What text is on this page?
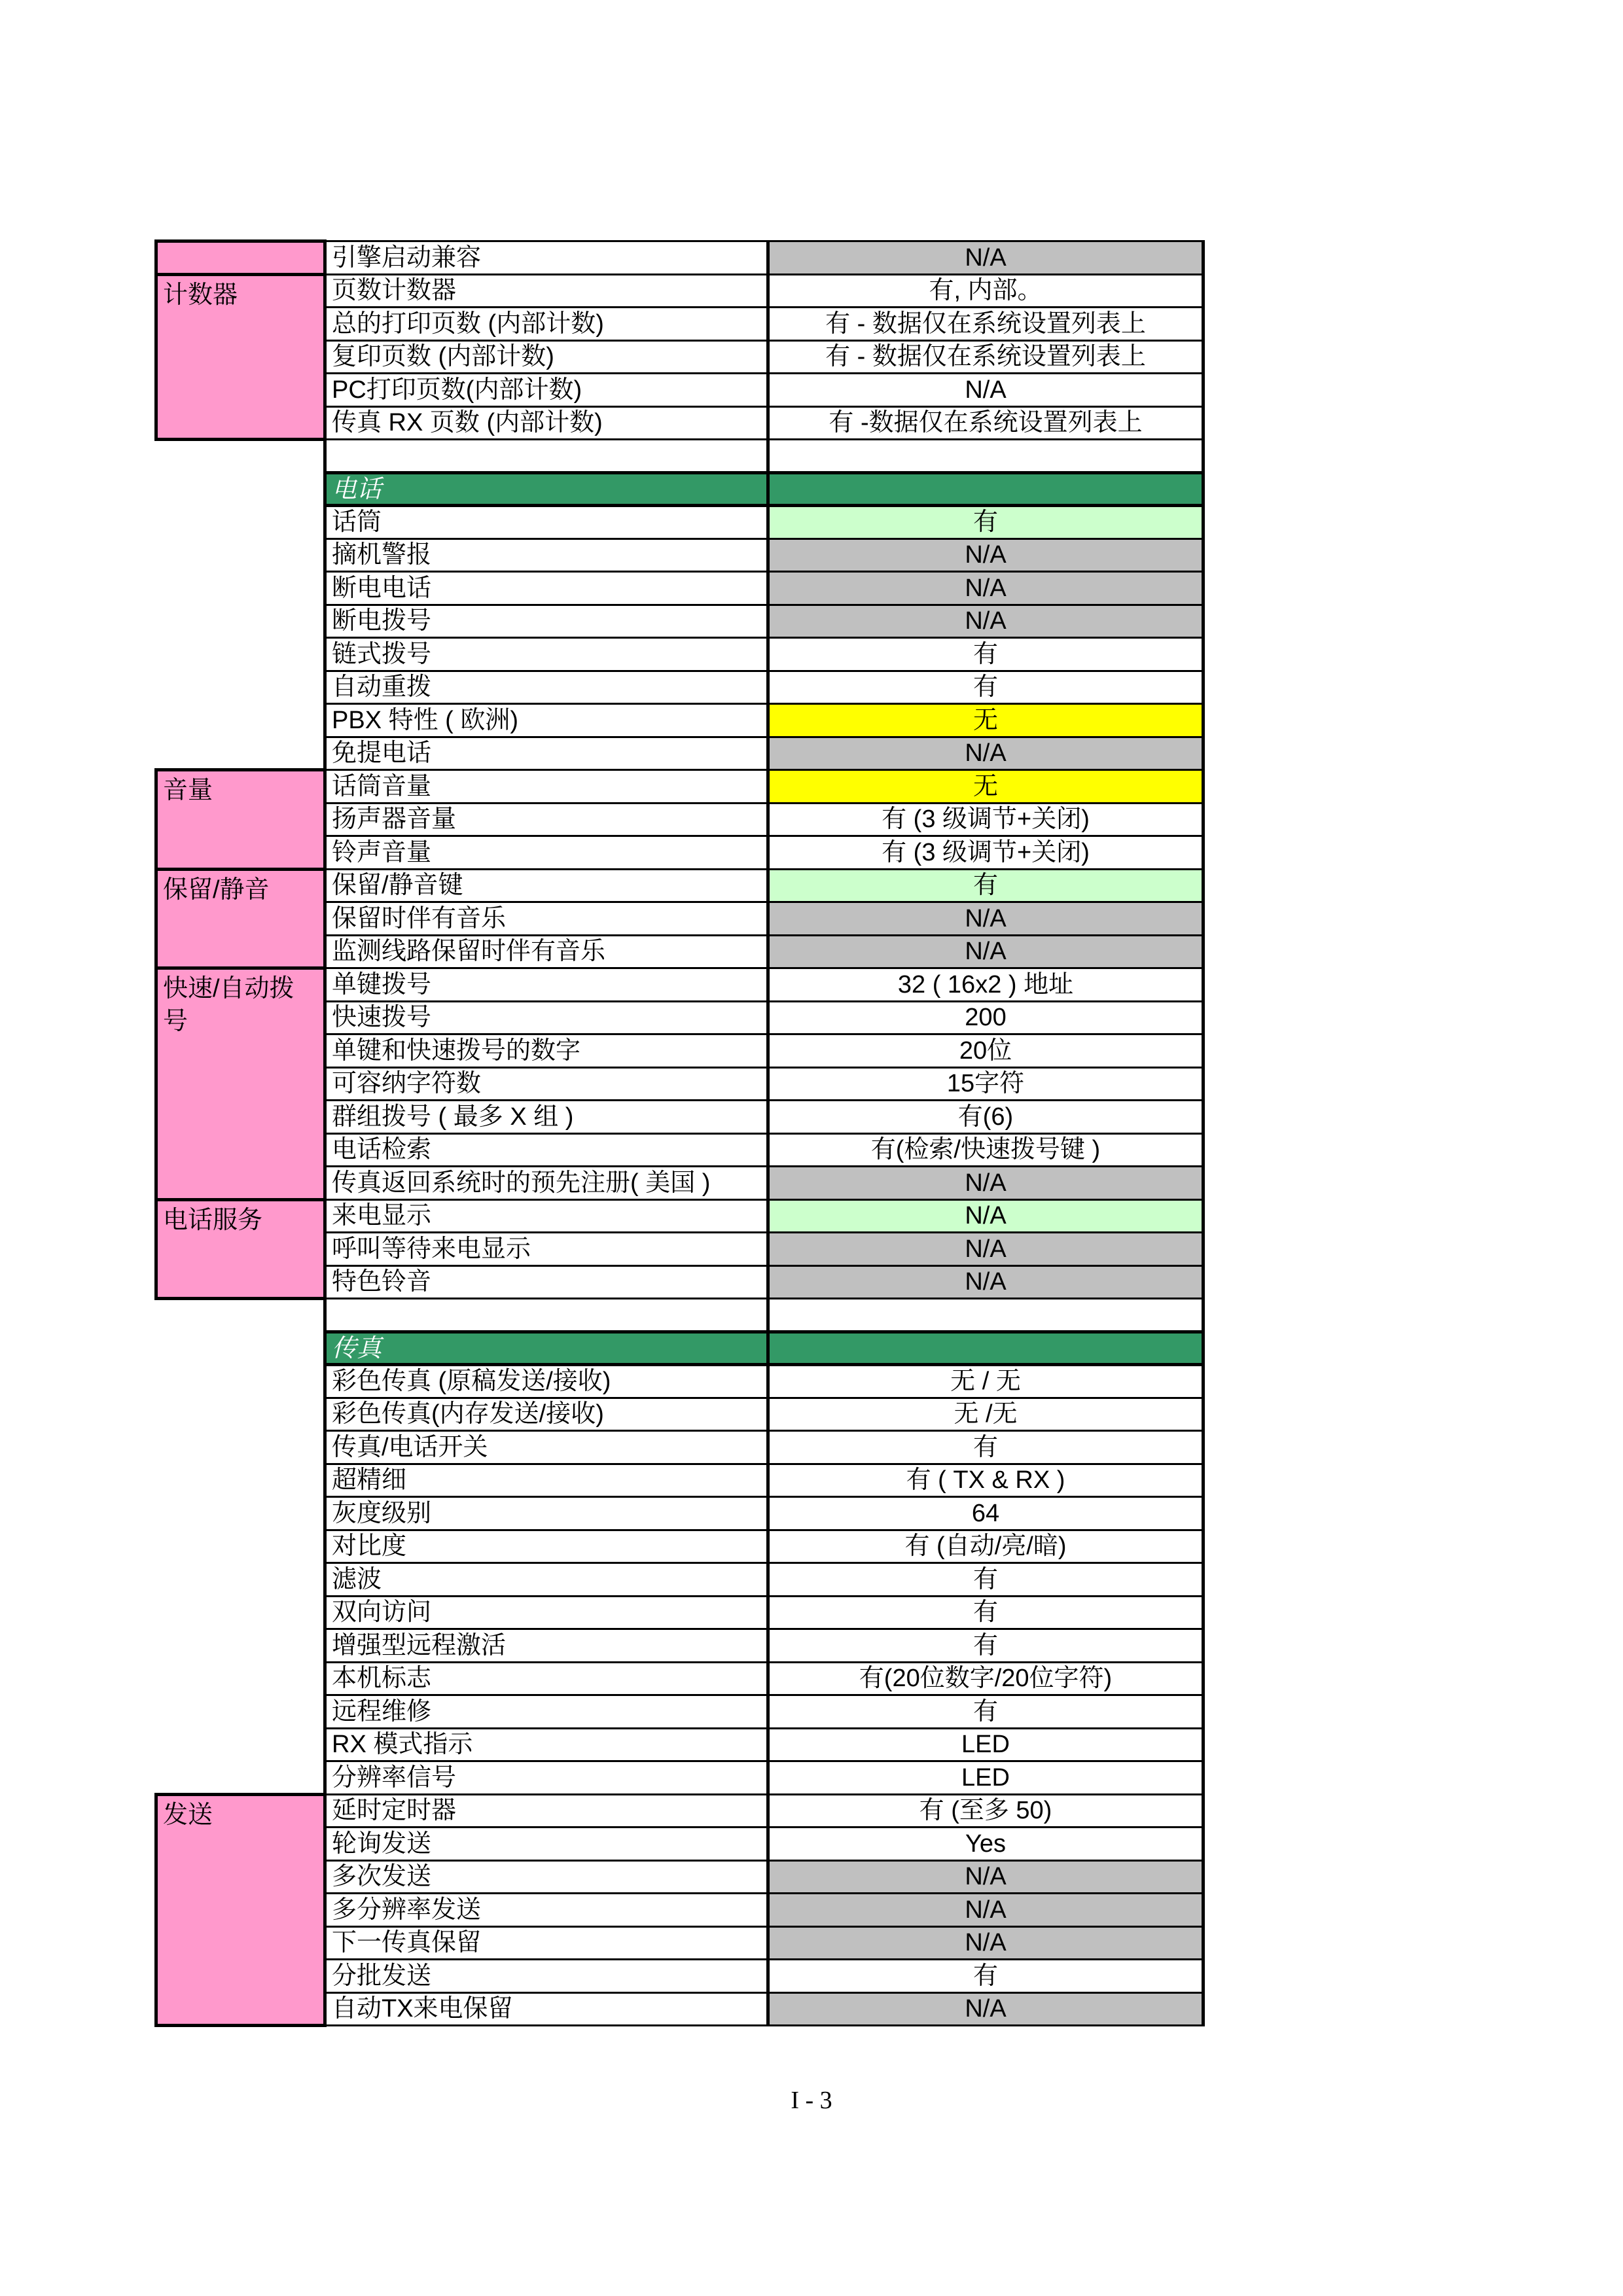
	引擎启动兼容	N/A

计数器	页数计数器	有, 内部。
	总的打印页数 (内部计数)	有 - 数据仅在系统设置列表上
	复印页数 (内部计数)	有 - 数据仅在系统设置列表上
	PC打印页数(内部计数)	N/A
	传真 RX 页数 (内部计数)	有 -数据仅在系统设置列表上

	电话	
	话筒	有
	摘机警报	N/A
	断电电话	N/A
	断电拨号	N/A
	链式拨号	有
	自动重拨	有
	PBX 特性 ( 欧洲)	无
	免提电话	N/A

音量	话筒音量	无
	扬声器音量	有 (3 级调节+关闭)
	铃声音量	有 (3 级调节+关闭)

保留/静音	保留/静音键	有
	保留时伴有音乐	N/A
	监测线路保留时伴有音乐	N/A

快速/自动拨号	单键拨号	32 ( 16x2 ) 地址
	快速拨号	200
	单键和快速拨号的数字	20位
	可容纳字符数	15字符
	群组拨号 ( 最多 X 组 )	有(6)
	电话检索	有(检索/快速拨号键 )
	传真返回系统时的预先注册( 美国 )	N/A

电话服务	来电显示	N/A
	呼叫等待来电显示	N/A
	特色铃音	N/A

	传真	
	彩色传真 (原稿发送/接收)	无 / 无
	彩色传真(内存发送/接收)	无 /无
	传真/电话开关	有
	超精细	有 ( TX & RX )
	灰度级别	64
	对比度	有 (自动/亮/暗)
	滤波	有
	双向访问	有
	增强型远程激活	有
	本机标志	有(20位数字/20位字符)
	远程维修	有
	RX 模式指示	LED
	分辨率信号	LED

发送	延时定时器	有 (至多 50)
	轮询发送	Yes
	多次发送	N/A
	多分辨率发送	N/A
	下一传真保留	N/A
	分批发送	有
	自动TX来电保留	N/A
I - 3
